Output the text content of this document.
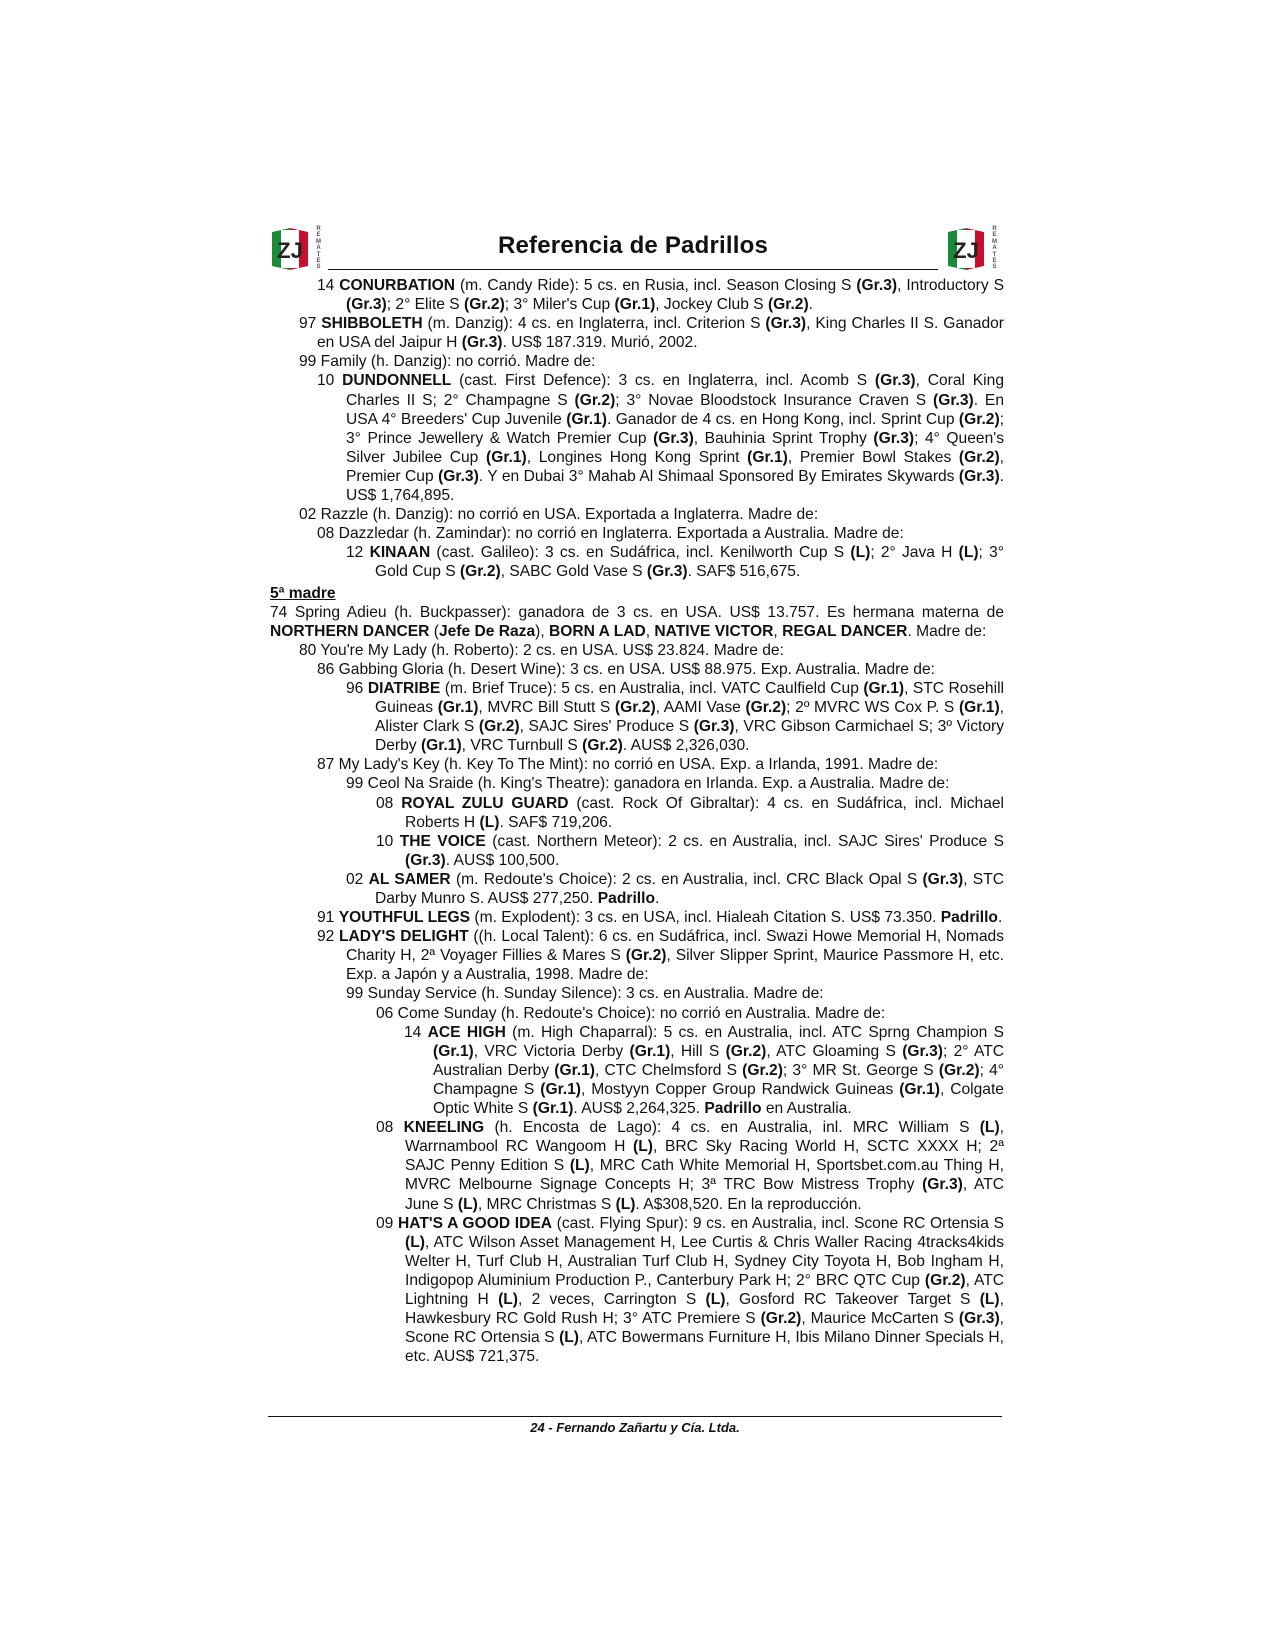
ZJ
R
E
M
A
T
E
S
Referencia de Padrillos	ZJ
R
E
M
A
T
E
S

14 CONURBATION (m. Candy Ride): 5 cs. en Rusia, incl. Season Closing S (Gr.3), Introductory S (Gr.3); 2° Elite S (Gr.2); 3° Miler's Cup (Gr.1), Jockey Club S (Gr.2).

97 SHIBBOLETH (m. Danzig): 4 cs. en Inglaterra, incl. Criterion S (Gr.3), King Charles II S. Ganador en USA del Jaipur H (Gr.3). US$ 187.319. Murió, 2002.

99 Family (h. Danzig): no corrió. Madre de:

10 DUNDONNELL (cast. First Defence): 3 cs. en Inglaterra, incl. Acomb S (Gr.3), Coral King Charles II S; 2° Champagne S (Gr.2); 3° Novae Bloodstock Insurance Craven S (Gr.3). En USA 4° Breeders' Cup Juvenile (Gr.1). Ganador de 4 cs. en Hong Kong, incl. Sprint Cup (Gr.2); 3° Prince Jewellery & Watch Premier Cup (Gr.3), Bauhinia Sprint Trophy (Gr.3); 4° Queen's Silver Jubilee Cup (Gr.1), Longines Hong Kong Sprint (Gr.1), Premier Bowl Stakes (Gr.2), Premier Cup (Gr.3). Y en Dubai 3° Mahab Al Shimaal Sponsored By Emirates Skywards (Gr.3). US$ 1,764,895.

02 Razzle (h. Danzig): no corrió en USA. Exportada a Inglaterra. Madre de:

08 Dazzledar (h. Zamindar): no corrió en Inglaterra. Exportada a Australia. Madre de:

12 KINAAN (cast. Galileo): 3 cs. en Sudáfrica, incl. Kenilworth Cup S (L); 2° Java H (L); 3° Gold Cup S (Gr.2), SABC Gold Vase S (Gr.3). SAF$ 516,675.

5ª madre

74 Spring Adieu (h. Buckpasser): ganadora de 3 cs. en USA. US$ 13.757. Es hermana materna de NORTHERN DANCER (Jefe De Raza), BORN A LAD, NATIVE VICTOR, REGAL DANCER. Madre de:

80 You're My Lady (h. Roberto): 2 cs. en USA. US$ 23.824. Madre de:

86 Gabbing Gloria (h. Desert Wine): 3 cs. en USA. US$ 88.975. Exp. Australia. Madre de:

96 DIATRIBE (m. Brief Truce): 5 cs. en Australia, incl. VATC Caulfield Cup (Gr.1), STC Rosehill Guineas (Gr.1), MVRC Bill Stutt S (Gr.2), AAMI Vase (Gr.2); 2º MVRC WS Cox P. S (Gr.1), Alister Clark S (Gr.2), SAJC Sires' Produce S (Gr.3), VRC Gibson Carmichael S; 3º Victory Derby (Gr.1), VRC Turnbull S (Gr.2). AUS$ 2,326,030.

87 My Lady's Key (h. Key To The Mint): no corrió en USA. Exp. a Irlanda, 1991. Madre de:

99 Ceol Na Sraide (h. King's Theatre): ganadora en Irlanda. Exp. a Australia. Madre de:

08 ROYAL ZULU GUARD (cast. Rock Of Gibraltar): 4 cs. en Sudáfrica, incl. Michael Roberts H (L). SAF$ 719,206.

10 THE VOICE (cast. Northern Meteor): 2 cs. en Australia, incl. SAJC Sires' Produce S (Gr.3). AUS$ 100,500.

02 AL SAMER (m. Redoute's Choice): 2 cs. en Australia, incl. CRC Black Opal S (Gr.3), STC Darby Munro S. AUS$ 277,250. Padrillo.

91 YOUTHFUL LEGS (m. Explodent): 3 cs. en USA, incl. Hialeah Citation S. US$ 73.350. Padrillo.

92 LADY'S DELIGHT ((h. Local Talent): 6 cs. en Sudáfrica, incl. Swazi Howe Memorial H, Nomads Charity H, 2ª Voyager Fillies & Mares S (Gr.2), Silver Slipper Sprint, Maurice Passmore H, etc. Exp. a Japón y a Australia, 1998. Madre de:

99 Sunday Service (h. Sunday Silence): 3 cs. en Australia. Madre de:

06 Come Sunday (h. Redoute's Choice): no corrió en Australia. Madre de:

14 ACE HIGH (m. High Chaparral): 5 cs. en Australia, incl. ATC Sprng Champion S (Gr.1), VRC Victoria Derby (Gr.1), Hill S (Gr.2), ATC Gloaming S (Gr.3); 2° ATC Australian Derby (Gr.1), CTC Chelmsford S (Gr.2); 3° MR St. George S (Gr.2); 4° Champagne S (Gr.1), Mostyyn Copper Group Randwick Guineas (Gr.1), Colgate Optic White S (Gr.1). AUS$ 2,264,325. Padrillo en Australia.

08 KNEELING (h. Encosta de Lago): 4 cs. en Australia, inl. MRC William S (L), Warrnambool RC Wangoom H (L), BRC Sky Racing World H, SCTC XXXX H; 2ª SAJC Penny Edition S (L), MRC Cath White Memorial H, Sportsbet.com.au Thing H, MVRC Melbourne Signage Concepts H; 3ª TRC Bow Mistress Trophy (Gr.3), ATC June S (L), MRC Christmas S (L). A$308,520. En la reproducción.

09 HAT'S A GOOD IDEA (cast. Flying Spur): 9 cs. en Australia, incl. Scone RC Ortensia S (L), ATC Wilson Asset Management H, Lee Curtis & Chris Waller Racing 4tracks4kids Welter H, Turf Club H, Australian Turf Club H, Sydney City Toyota H, Bob Ingham H, Indigopop Aluminium Production P., Canterbury Park H; 2° BRC QTC Cup (Gr.2), ATC Lightning H (L), 2 veces, Carrington S (L), Gosford RC Takeover Target S (L), Hawkesbury RC Gold Rush H; 3° ATC Premiere S (Gr.2), Maurice McCarten S (Gr.3), Scone RC Ortensia S (L), ATC Bowermans Furniture H, Ibis Milano Dinner Specials H, etc. AUS$ 721,375.

24 - Fernando Zañartu y Cía. Ltda.
